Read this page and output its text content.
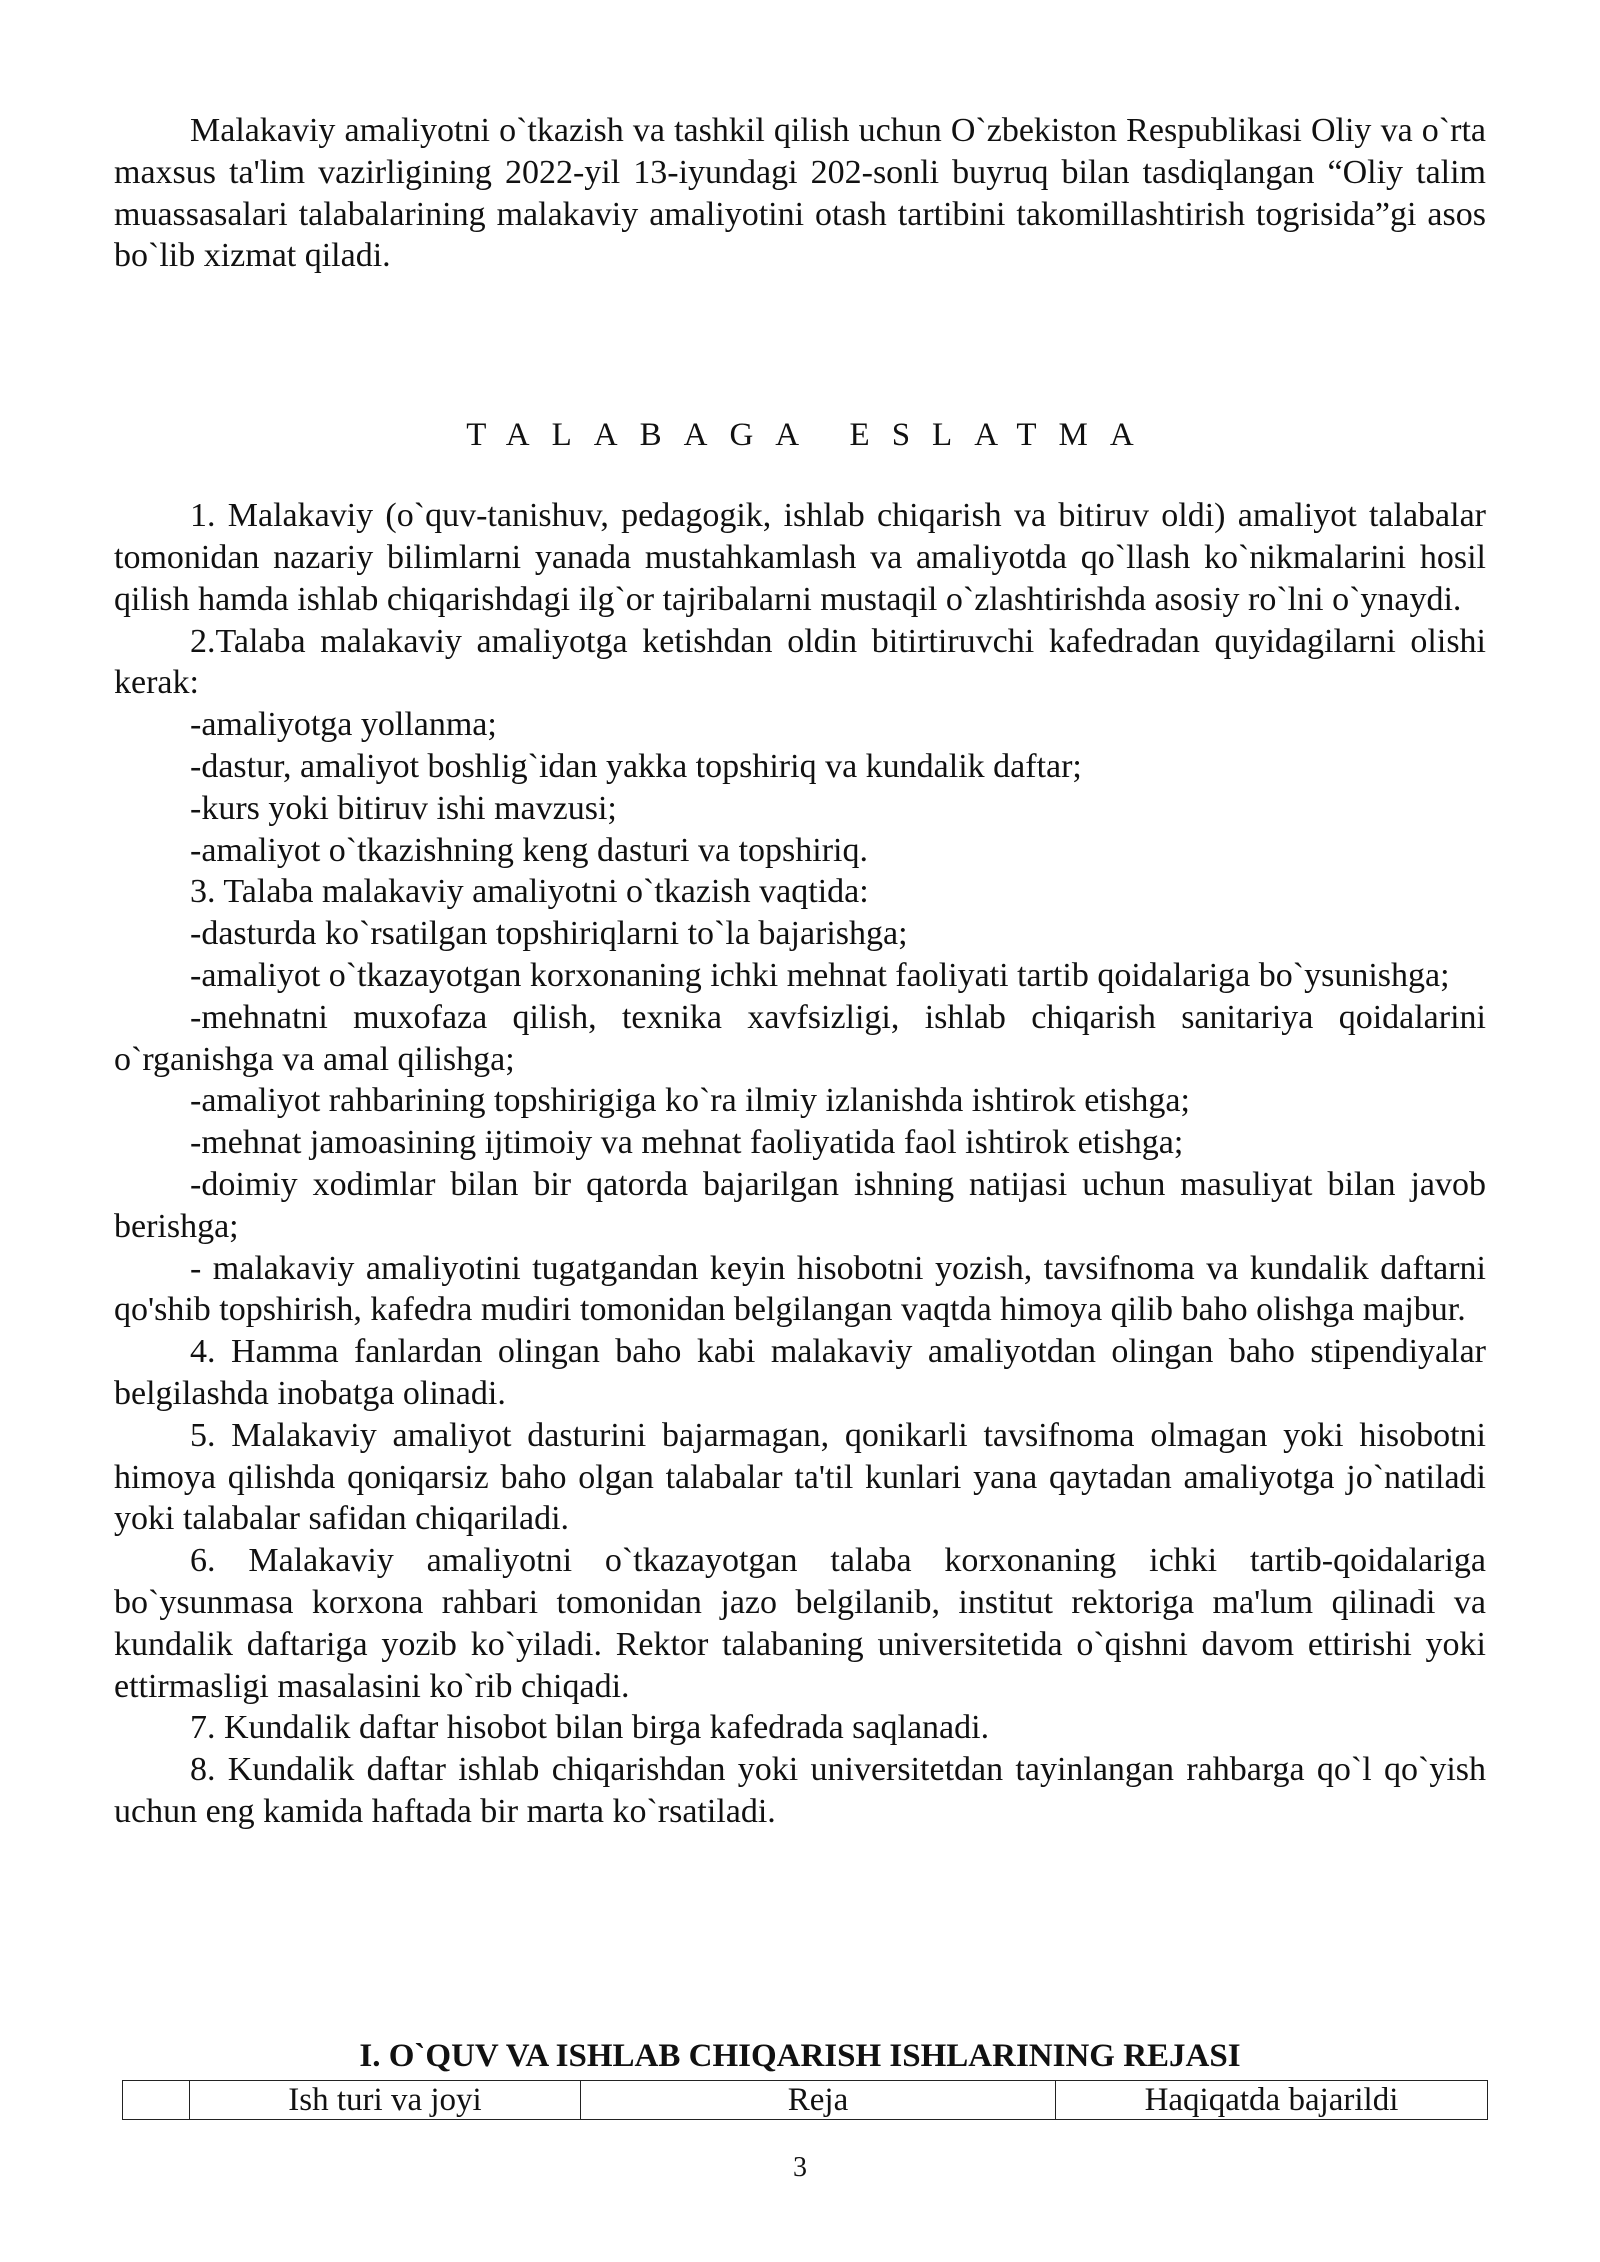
Malakaviy amaliyotni o`tkazish va tashkil qilish uchun O`zbekiston Respublikasi Oliy va o`rta maxsus ta'lim vazirligining 2022-yil 13-iyundagi 202-sonli buyruq bilan tasdiqlangan “Oliy talim muassasalari talabalarining malakaviy amaliyotini otash tartibini takomillashtirish togrisida”gi asos bo`lib xizmat qiladi.

TALABAGA ESLATMA

1. Malakaviy (o`quv-tanishuv, pedagogik, ishlab chiqarish va bitiruv oldi) amaliyot talabalar tomonidan nazariy bilimlarni yanada mustahkamlash va amaliyotda qo`llash ko`nikmalarini hosil qilish hamda ishlab chiqarishdagi ilg`or tajribalarni mustaqil o`zlashtirishda asosiy ro`lni o`ynaydi.

2.Talaba malakaviy amaliyotga ketishdan oldin bitirtiruvchi kafedradan quyidagilarni olishi kerak:

-amaliyotga yollanma;

-dastur, amaliyot boshlig`idan yakka topshiriq va kundalik daftar;

-kurs yoki bitiruv ishi mavzusi;

-amaliyot o`tkazishning keng dasturi va topshiriq.

3. Talaba malakaviy amaliyotni o`tkazish vaqtida:

-dasturda ko`rsatilgan topshiriqlarni to`la bajarishga;

-amaliyot o`tkazayotgan korxonaning ichki mehnat faoliyati tartib qoidalariga bo`ysunishga;

-mehnatni muxofaza qilish, texnika xavfsizligi, ishlab chiqarish sanitariya qoidalarini o`rganishga va amal qilishga;

-amaliyot rahbarining topshirigiga ko`ra ilmiy izlanishda ishtirok etishga;

-mehnat jamoasining ijtimoiy va mehnat faoliyatida faol ishtirok etishga;

-doimiy xodimlar bilan bir qatorda bajarilgan ishning natijasi uchun masuliyat bilan javob berishga;

- malakaviy amaliyotini tugatgandan keyin hisobotni yozish, tavsifnoma va kundalik daftarni qo'shib topshirish, kafedra mudiri tomonidan belgilangan vaqtda himoya qilib baho olishga majbur.

4. Hamma fanlardan olingan baho kabi malakaviy amaliyotdan olingan baho stipendiyalar belgilashda inobatga olinadi.

5. Malakaviy amaliyot dasturini bajarmagan, qonikarli tavsifnoma olmagan yoki hisobotni himoya qilishda qoniqarsiz baho olgan talabalar ta'til kunlari yana qaytadan amaliyotga jo`natiladi yoki talabalar safidan chiqariladi.

6. Malakaviy amaliyotni o`tkazayotgan talaba korxonaning ichki tartib-qoidalariga bo`ysunmasa korxona rahbari tomonidan jazo belgilanib, institut rektoriga ma'lum qilinadi va kundalik daftariga yozib ko`yiladi. Rektor talabaning universitetida o`qishni davom ettirishi yoki ettirmasligi masalasini ko`rib chiqadi.

7. Kundalik daftar hisobot bilan birga kafedrada saqlanadi.

8. Kundalik daftar ishlab chiqarishdan yoki universitetdan tayinlangan rahbarga qo`l qo`yish uchun eng kamida haftada bir marta ko`rsatiladi.

I. O`QUV VA ISHLAB CHIQARISH ISHLARINING REJASI

	Ish turi va joyi	Reja	Haqiqatda bajarildi

3
